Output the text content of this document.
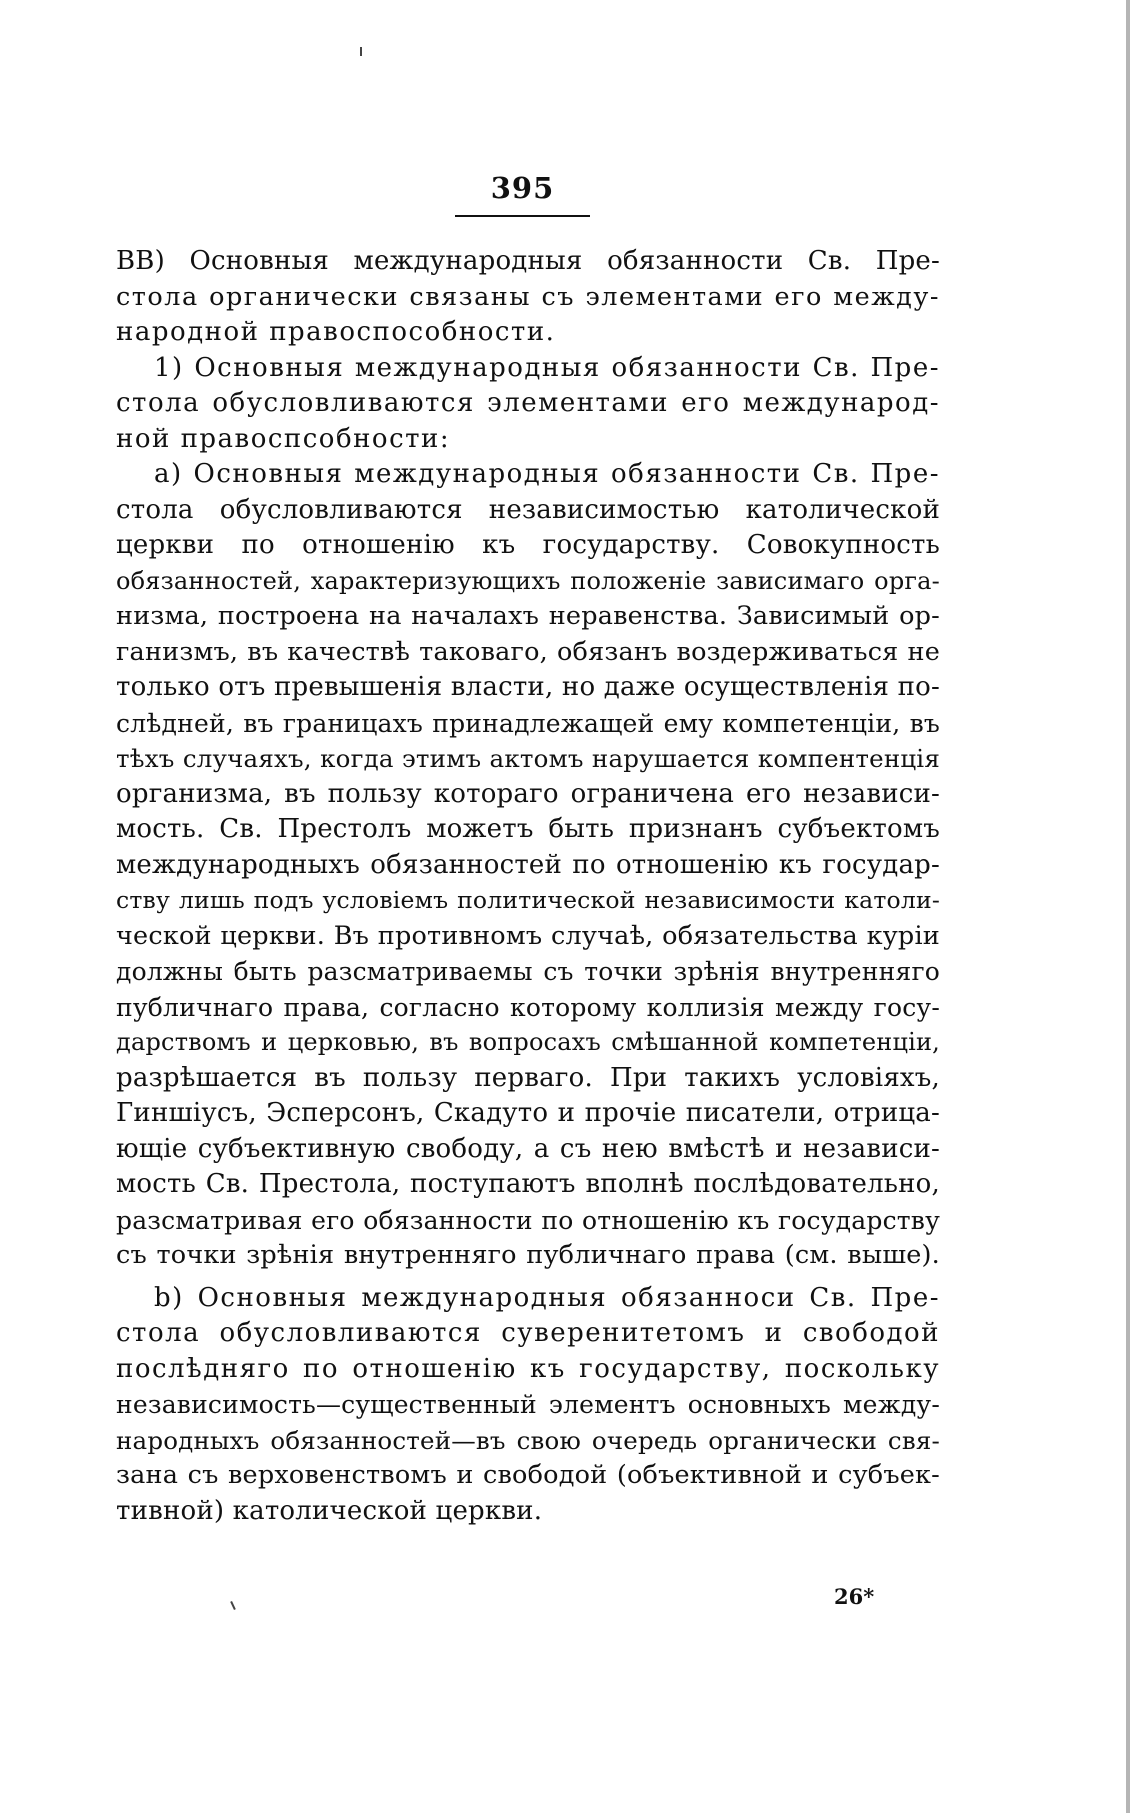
395
BB) Основныя международныя обязанности Св. Пре-
стола органически связаны съ элементами его между-
народной правоспособности.
1) Основныя международныя обязанности Св. Пре-
стола обусловливаются элементами его международ-
ной правоспсобности:
a) Основныя международныя обязанности Св. Пре-
стола обусловливаются независимостью католической
церкви по отношенію къ государству. Совокупность
обязанностей, характеризующихъ положеніе зависимаго орга-
низма, построена на началахъ неравенства. Зависимый ор-
ганизмъ, въ качествѣ таковаго, обязанъ воздерживаться не
только отъ превышенія власти, но даже осуществленія по-
слѣдней, въ границахъ принадлежащей ему компетенціи, въ
тѣхъ случаяхъ, когда этимъ актомъ нарушается компентенція
организма, въ пользу котораго ограничена его независи-
мость. Св. Престолъ можетъ быть признанъ субъектомъ
международныхъ обязанностей по отношенію къ государ-
ству лишь подъ условіемъ политической независимости католи-
ческой церкви. Въ противномъ случаѣ, обязательства куріи
должны быть разсматриваемы съ точки зрѣнія внутренняго
публичнаго права, согласно которому коллизія между госу-
дарствомъ и церковью, въ вопросахъ смѣшанной компетенціи,
разрѣшается въ пользу перваго. При такихъ условіяхъ,
Гиншіусъ, Эсперсонъ, Скадуто и прочіе писатели, отрица-
ющіе субъективную свободу, а съ нею вмѣстѣ и независи-
мость Св. Престола, поступаютъ вполнѣ послѣдовательно,
разсматривая его обязанности по отношенію къ государству
съ точки зрѣнія внутренняго публичнаго права (см. выше).
b) Основныя международныя обязанноси Св. Пре-
стола обусловливаются суверенитетомъ и свободой
послѣдняго по отношенію къ государству, поскольку
независимость—существенный элементъ основныхъ между-
народныхъ обязанностей—въ свою очередь органически свя-
зана съ верховенствомъ и свободой (объективной и субъек-
тивной) католической церкви.
26*
